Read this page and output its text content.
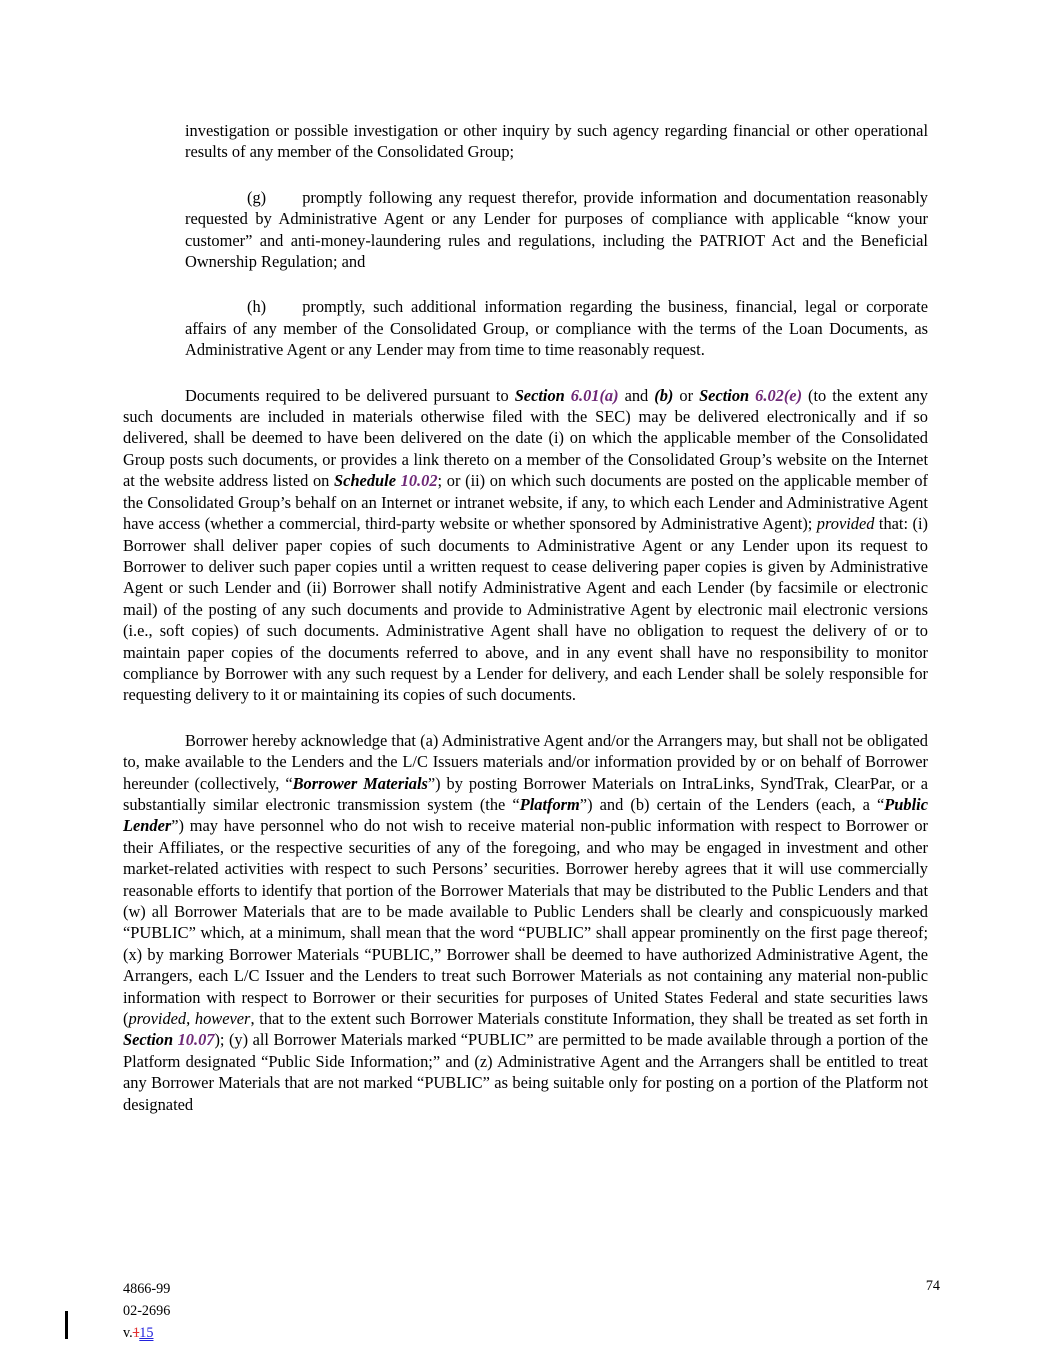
investigation or possible investigation or other inquiry by such agency regarding financial or other operational results of any member of the Consolidated Group;

(g) promptly following any request therefor, provide information and documentation reasonably requested by Administrative Agent or any Lender for purposes of compliance with applicable “know your customer” and anti-money-laundering rules and regulations, including the PATRIOT Act and the Beneficial Ownership Regulation; and

(h) promptly, such additional information regarding the business, financial, legal or corporate affairs of any member of the Consolidated Group, or compliance with the terms of the Loan Documents, as Administrative Agent or any Lender may from time to time reasonably request.

Documents required to be delivered pursuant to Section 6.01(a) and (b) or Section 6.02(e) (to the extent any such documents are included in materials otherwise filed with the SEC) may be delivered electronically and if so delivered, shall be deemed to have been delivered on the date (i) on which the applicable member of the Consolidated Group posts such documents, or provides a link thereto on a member of the Consolidated Group’s website on the Internet at the website address listed on Schedule 10.02; or (ii) on which such documents are posted on the applicable member of the Consolidated Group’s behalf on an Internet or intranet website, if any, to which each Lender and Administrative Agent have access (whether a commercial, third-party website or whether sponsored by Administrative Agent); provided that: (i) Borrower shall deliver paper copies of such documents to Administrative Agent or any Lender upon its request to Borrower to deliver such paper copies until a written request to cease delivering paper copies is given by Administrative Agent or such Lender and (ii) Borrower shall notify Administrative Agent and each Lender (by facsimile or electronic mail) of the posting of any such documents and provide to Administrative Agent by electronic mail electronic versions (i.e., soft copies) of such documents. Administrative Agent shall have no obligation to request the delivery of or to maintain paper copies of the documents referred to above, and in any event shall have no responsibility to monitor compliance by Borrower with any such request by a Lender for delivery, and each Lender shall be solely responsible for requesting delivery to it or maintaining its copies of such documents.

Borrower hereby acknowledge that (a) Administrative Agent and/or the Arrangers may, but shall not be obligated to, make available to the Lenders and the L/C Issuers materials and/or information provided by or on behalf of Borrower hereunder (collectively, “Borrower Materials”) by posting Borrower Materials on IntraLinks, SyndTrak, ClearPar, or a substantially similar electronic transmission system (the “Platform”) and (b) certain of the Lenders (each, a “Public Lender”) may have personnel who do not wish to receive material non-public information with respect to Borrower or their Affiliates, or the respective securities of any of the foregoing, and who may be engaged in investment and other market-related activities with respect to such Persons’ securities. Borrower hereby agrees that it will use commercially reasonable efforts to identify that portion of the Borrower Materials that may be distributed to the Public Lenders and that (w) all Borrower Materials that are to be made available to Public Lenders shall be clearly and conspicuously marked “PUBLIC” which, at a minimum, shall mean that the word “PUBLIC” shall appear prominently on the first page thereof; (x) by marking Borrower Materials “PUBLIC,” Borrower shall be deemed to have authorized Administrative Agent, the Arrangers, each L/C Issuer and the Lenders to treat such Borrower Materials as not containing any material non-public information with respect to Borrower or their securities for purposes of United States Federal and state securities laws (provided, however, that to the extent such Borrower Materials constitute Information, they shall be treated as set forth in Section 10.07); (y) all Borrower Materials marked “PUBLIC” are permitted to be made available through a portion of the Platform designated “Public Side Information;” and (z) Administrative Agent and the Arrangers shall be entitled to treat any Borrower Materials that are not marked “PUBLIC” as being suitable only for posting on a portion of the Platform not designated

4866-99
02-2696
v.115
74
